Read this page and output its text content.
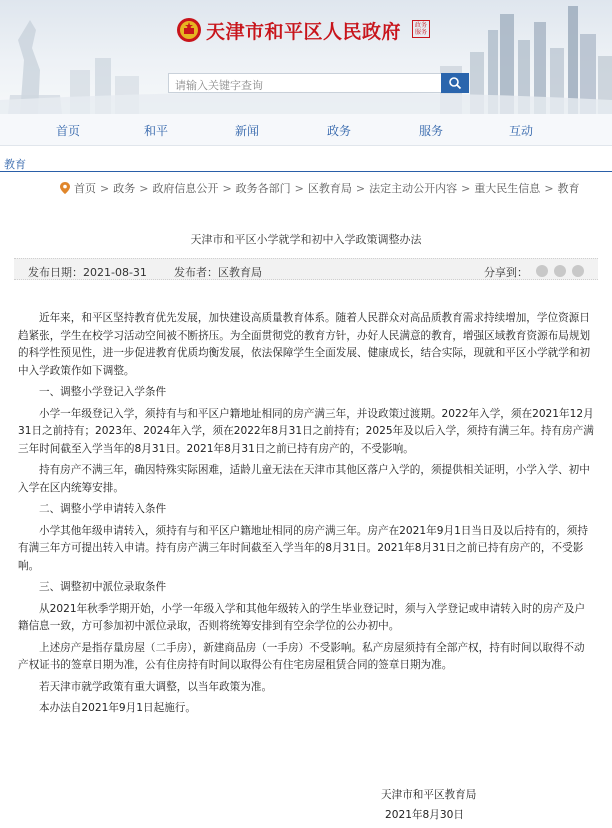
天津市和平区人民政府	政务
服务
请输入关键字查询
首页	和平	新闻	政务	服务	互动
教育
首页 > 政务 > 政府信息公开 > 政务各部门 > 区教育局 > 法定主动公开内容 > 重大民生信息 > 教育
天津市和平区小学就学和初中入学政策调整办法
发布日期：2021-08-31 发布者：区教育局	分享到：

近年来，和平区坚持教育优先发展，加快建设高质量教育体系。随着人民群众对高品质教育需求持续增加，学位资源日趋紧张，学生在校学习活动空间被不断挤压。为全面贯彻党的教育方针，办好人民满意的教育，增强区域教育资源布局规划的科学性预见性，进一步促进教育优质均衡发展，依法保障学生全面发展、健康成长，结合实际，现就和平区小学就学和初中入学政策作如下调整。

一、调整小学登记入学条件

小学一年级登记入学，须持有与和平区户籍地址相同的房产满三年，并设政策过渡期。2022年入学，须在2021年12月31日之前持有；2023年、2024年入学，须在2022年8月31日之前持有；2025年及以后入学，须持有满三年。持有房产满三年时间截至入学当年的8月31日。2021年8月31日之前已持有房产的，不受影响。

持有房产不满三年，确因特殊实际困难，适龄儿童无法在天津市其他区落户入学的，须提供相关证明，小学入学、初中入学在区内统筹安排。

二、调整小学申请转入条件

小学其他年级申请转入，须持有与和平区户籍地址相同的房产满三年。房产在2021年9月1日当日及以后持有的，须持有满三年方可提出转入申请。持有房产满三年时间截至入学当年的8月31日。2021年8月31日之前已持有房产的，不受影响。

三、调整初中派位录取条件

从2021年秋季学期开始，小学一年级入学和其他年级转入的学生毕业登记时，须与入学登记或申请转入时的房产及户籍信息一致，方可参加初中派位录取，否则将统筹安排到有空余学位的公办初中。

上述房产是指存量房屋（二手房），新建商品房（一手房）不受影响。私产房屋须持有全部产权，持有时间以取得不动产权证书的签章日期为准，公有住房持有时间以取得公有住宅房屋租赁合同的签章日期为准。

若天津市就学政策有重大调整，以当年政策为准。

本办法自2021年9月1日起施行。

天津市和平区教育局
2021年8月30日
